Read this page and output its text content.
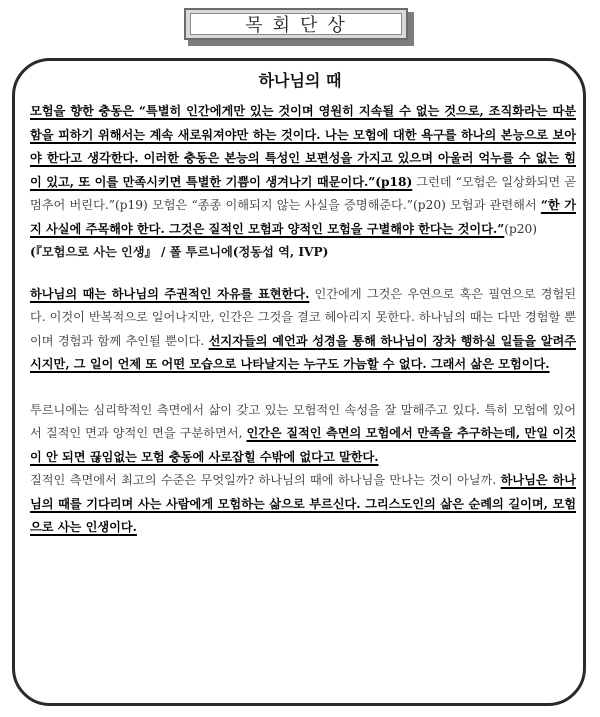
목회단상
하나님의 때

모험을 향한 충동은 “특별히 인간에게만 있는 것이며 영원히 지속될 수 없는 것으로, 조직화라는 따분함을 피하기 위해서는 계속 새로워져야만 하는 것이다. 나는 모험에 대한 욕구를 하나의 본능으로 보아야 한다고 생각한다. 이러한 충동은 본능의 특성인 보편성을 가지고 있으며 아울러 억누를 수 없는 힘이 있고, 또 이를 만족시키면 특별한 기쁨이 생겨나기 때문이다.”(p18) 그런데 “모험은 일상화되면 곧 멈추어 버린다.”(p19) 모험은 “종종 이해되지 않는 사실을 증명해준다.”(p20) 모험과 관련해서 “한 가지 사실에 주목해야 한다. 그것은 질적인 모험과 양적인 모험을 구별해야 한다는 것이다.”(p20)

(『모험으로 사는 인생』 / 폴 투르니에(정동섭 역, IVP)

하나님의 때는 하나님의 주권적인 자유를 표현한다. 인간에게 그것은 우연으로 혹은 필연으로 경험된다. 이것이 반복적으로 일어나지만, 인간은 그것을 결코 헤아리지 못한다. 하나님의 때는 다만 경험할 뿐이며 경험과 함께 추인될 뿐이다. 선지자들의 예언과 성경을 통해 하나님이 장차 행하실 일들을 알려주시지만, 그 일이 언제 또 어떤 모습으로 나타날지는 누구도 가늠할 수 없다. 그래서 삶은 모험이다.

투르니에는 심리학적인 측면에서 삶이 갖고 있는 모험적인 속성을 잘 말해주고 있다. 특히 모험에 있어서 질적인 면과 양적인 면을 구분하면서, 인간은 질적인 측면의 모험에서 만족을 추구하는데, 만일 이것이 안 되면 끊임없는 모험 충동에 사로잡힐 수밖에 없다고 말한다.

질적인 측면에서 최고의 수준은 무엇일까? 하나님의 때에 하나님을 만나는 것이 아닐까. 하나님은 하나님의 때를 기다리며 사는 사람에게 모험하는 삶으로 부르신다. 그리스도인의 삶은 순례의 길이며, 모험으로 사는 인생이다.
